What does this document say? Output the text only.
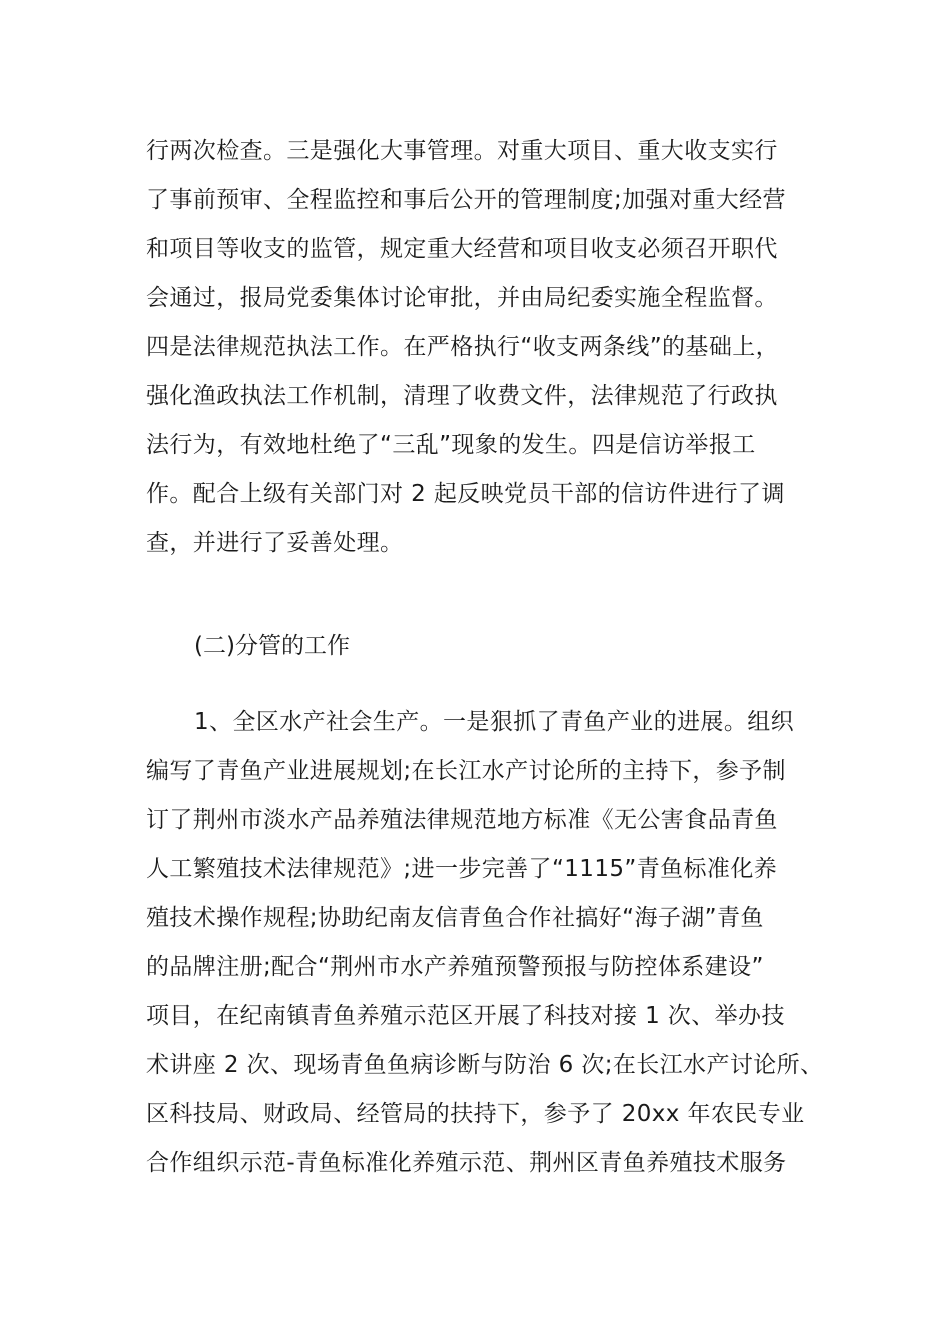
行两次检查。三是强化大事管理。对重大项目、重大收支实行
了事前预审、全程监控和事后公开的管理制度;加强对重大经营
和项目等收支的监管，规定重大经营和项目收支必须召开职代
会通过，报局党委集体讨论审批，并由局纪委实施全程监督。
四是法律规范执法工作。在严格执行“收支两条线”的基础上，
强化渔政执法工作机制，清理了收费文件，法律规范了行政执
法行为，有效地杜绝了“三乱”现象的发生。四是信访举报工
作。配合上级有关部门对 2 起反映党员干部的信访件进行了调
查，并进行了妥善处理。
(二)分管的工作
1、全区水产社会生产。一是狠抓了青鱼产业的进展。组织
编写了青鱼产业进展规划;在长江水产讨论所的主持下，参予制
订了荆州市淡水产品养殖法律规范地方标准《无公害食品青鱼
人工繁殖技术法律规范》;进一步完善了“1115”青鱼标准化养
殖技术操作规程;协助纪南友信青鱼合作社搞好“海子湖”青鱼
的品牌注册;配合“荆州市水产养殖预警预报与防控体系建设”
项目，在纪南镇青鱼养殖示范区开展了科技对接 1 次、举办技
术讲座 2 次、现场青鱼鱼病诊断与防治 6 次;在长江水产讨论所、
区科技局、财政局、经管局的扶持下，参予了 20xx 年农民专业
合作组织示范-青鱼标准化养殖示范、荆州区青鱼养殖技术服务
